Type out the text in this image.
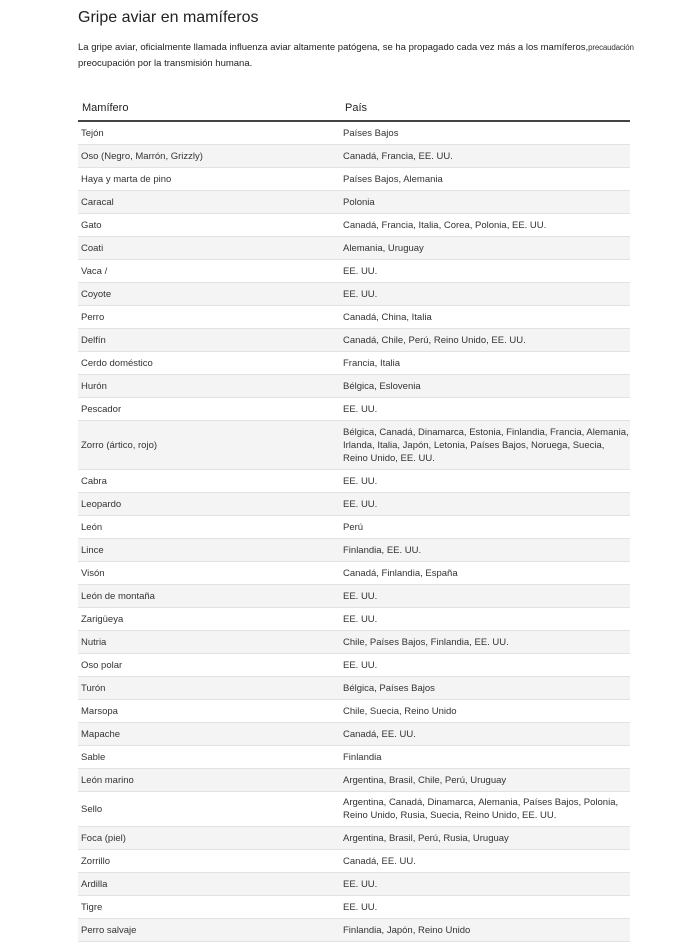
Gripe aviar en mamíferos

La gripe aviar, oficialmente llamada influenza aviar altamente patógena, se ha propagado cada vez más a los mamíferos,precaudación
preocupación por la transmisión humana.

Mamífero	País
Tejón	Países Bajos
Oso (Negro, Marrón, Grizzly)	Canadá, Francia, EE. UU.
Haya y marta de pino	Países Bajos, Alemania
Caracal	Polonia
Gato	Canadá, Francia, Italia, Corea, Polonia, EE. UU.
Coati	Alemania, Uruguay
Vaca /	EE. UU.
Coyote	EE. UU.
Perro	Canadá, China, Italia
Delfín	Canadá, Chile, Perú, Reino Unido, EE. UU.
Cerdo doméstico	Francia, Italia
Hurón	Bélgica, Eslovenia
Pescador	EE. UU.
Zorro (ártico, rojo)	Bélgica, Canadá, Dinamarca, Estonia, Finlandia, Francia, Alemania, Irlanda, Italia, Japón, Letonia, Países Bajos, Noruega, Suecia, Reino Unido, EE. UU.
Cabra	EE. UU.
Leopardo	EE. UU.
León	Perú
Lince	Finlandia, EE. UU.
Visón	Canadá, Finlandia, España
León de montaña	EE. UU.
Zarigüeya	EE. UU.
Nutria	Chile, Países Bajos, Finlandia, EE. UU.
Oso polar	EE. UU.
Turón	Bélgica, Países Bajos
Marsopa	Chile, Suecia, Reino Unido
Mapache	Canadá, EE. UU.
Sable	Finlandia
León marino	Argentina, Brasil, Chile, Perú, Uruguay
Sello	Argentina, Canadá, Dinamarca, Alemania, Países Bajos, Polonia, Reino Unido, Rusia, Suecia, Reino Unido, EE. UU.
Foca (piel)	Argentina, Brasil, Perú, Rusia, Uruguay
Zorrillo	Canadá, EE. UU.
Ardilla	EE. UU.
Tigre	EE. UU.
Perro salvaje	Finlandia, Japón, Reino Unido
